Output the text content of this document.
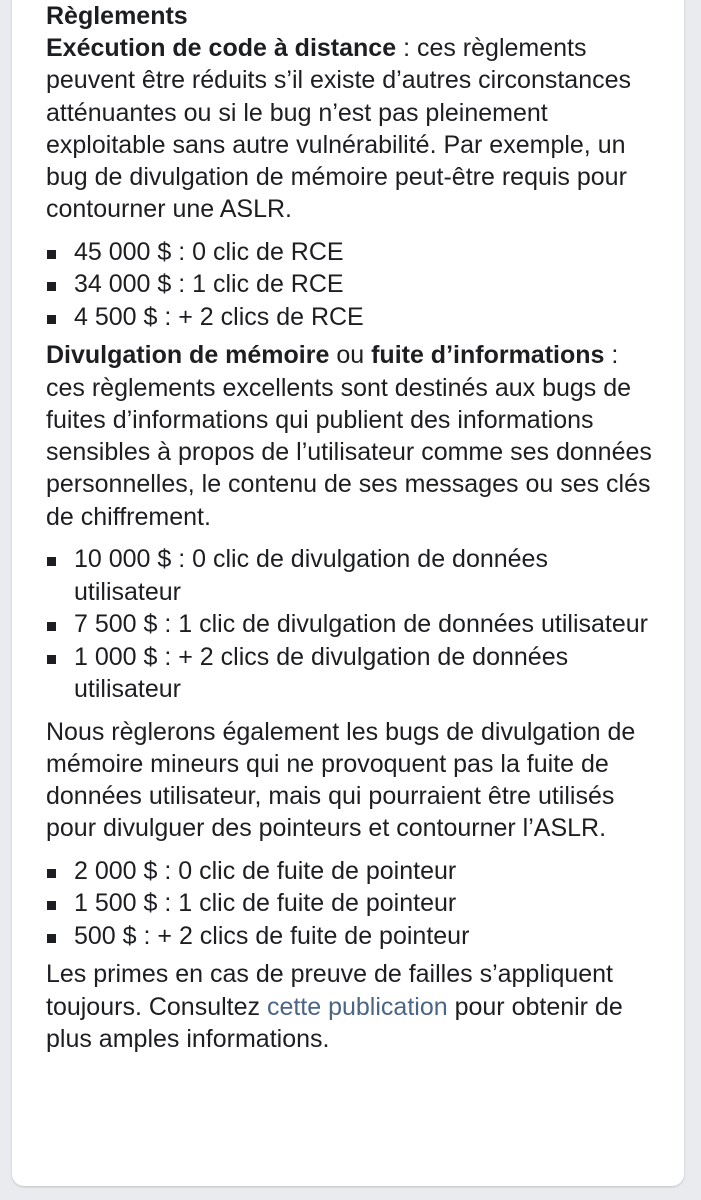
Règlements

Exécution de code à distance : ces règlements peuvent être réduits s’il existe d’autres circonstances atténuantes ou si le bug n’est pas pleinement exploitable sans autre vulnérabilité. Par exemple, un bug de divulgation de mémoire peut-être requis pour contourner une ASLR.

45 000 $ : 0 clic de RCE
34 000 $ : 1 clic de RCE
4 500 $ : + 2 clics de RCE

Divulgation de mémoire ou fuite d’informations : ces règlements excellents sont destinés aux bugs de fuites d’informations qui publient des informations sensibles à propos de l’utilisateur comme ses données personnelles, le contenu de ses messages ou ses clés de chiffrement.

10 000 $ : 0 clic de divulgation de données utilisateur
7 500 $ : 1 clic de divulgation de données utilisateur
1 000 $ : + 2 clics de divulgation de données utilisateur

Nous règlerons également les bugs de divulgation de mémoire mineurs qui ne provoquent pas la fuite de données utilisateur, mais qui pourraient être utilisés pour divulguer des pointeurs et contourner l’ASLR.

2 000 $ : 0 clic de fuite de pointeur
1 500 $ : 1 clic de fuite de pointeur
500 $ : + 2 clics de fuite de pointeur

Les primes en cas de preuve de failles s’appliquent toujours. Consultez cette publication pour obtenir de plus amples informations.
